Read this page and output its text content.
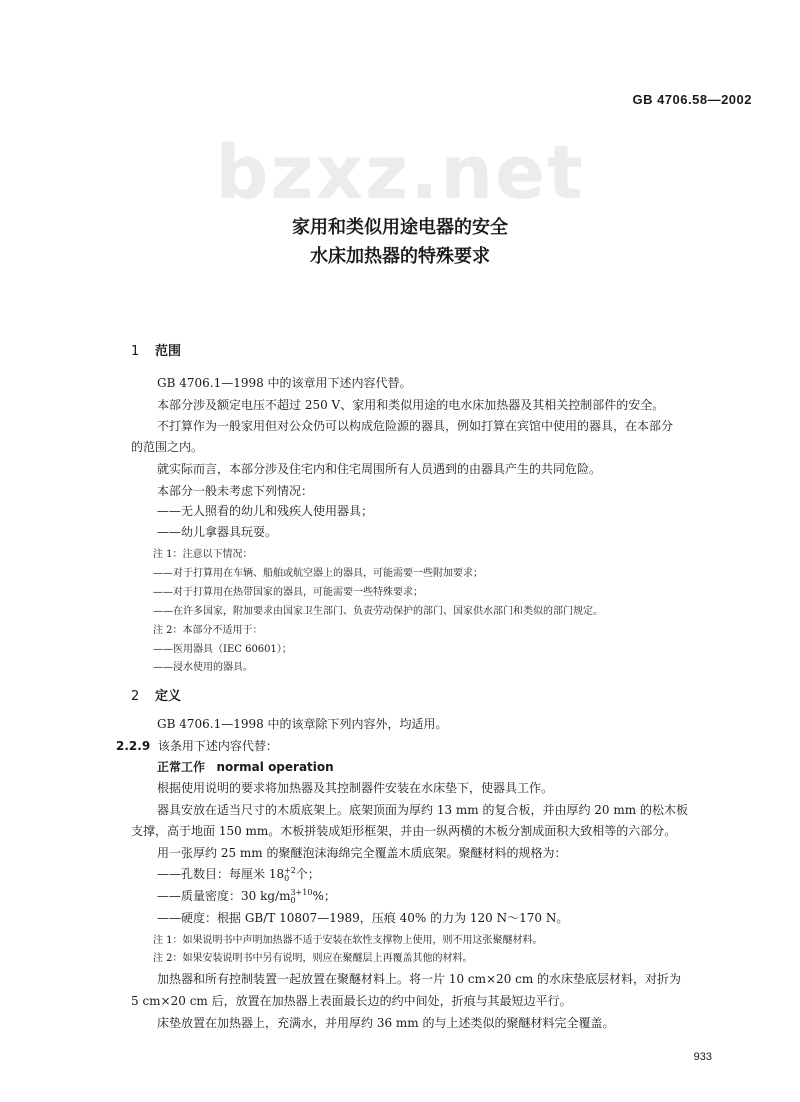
GB 4706.58—2002
bzxz.net
家用和类似用途电器的安全
水床加热器的特殊要求
1 范围
GB 4706.1—1998 中的该章用下述内容代替。
本部分涉及额定电压不超过 250 V、家用和类似用途的电水床加热器及其相关控制部件的安全。
不打算作为一般家用但对公众仍可以构成危险源的器具，例如打算在宾馆中使用的器具，在本部分
的范围之内。
就实际而言，本部分涉及住宅内和住宅周围所有人员遇到的由器具产生的共同危险。
本部分一般未考虑下列情况：
——无人照看的幼儿和残疾人使用器具；
——幼儿拿器具玩耍。
注 1：注意以下情况：
——对于打算用在车辆、船舶或航空器上的器具，可能需要一些附加要求；
——对于打算用在热带国家的器具，可能需要一些特殊要求；
——在许多国家，附加要求由国家卫生部门、负责劳动保护的部门、国家供水部门和类似的部门规定。
注 2：本部分不适用于：
——医用器具（IEC 60601）；
——浸水使用的器具。
2 定义
GB 4706.1—1998 中的该章除下列内容外，均适用。
2.2.9 该条用下述内容代替：
正常工作 normal operation
根据使用说明的要求将加热器及其控制器件安装在水床垫下，使器具工作。
器具安放在适当尺寸的木质底架上。底架顶面为厚约 13 mm 的复合板，并由厚约 20 mm 的松木板
支撑，高于地面 150 mm。木板拼装成矩形框架，并由一纵两横的木板分割成面积大致相等的六部分。
用一张厚约 25 mm 的聚醚泡沫海绵完全覆盖木质底架。聚醚材料的规格为：
——孔数目：每厘米 18+2
0 个；
——质量密度：30 kg/m3+10
0 %；
——硬度：根据 GB/T 10807—1989，压痕 40% 的力为 120 N～170 N。
注 1：如果说明书中声明加热器不适于安装在软性支撑物上使用，则不用这张聚醚材料。
注 2：如果安装说明书中另有说明，则应在聚醚层上再覆盖其他的材料。
加热器和所有控制装置一起放置在聚醚材料上。将一片 10 cm×20 cm 的水床垫底层材料，对折为
5 cm×20 cm 后，放置在加热器上表面最长边的约中间处，折痕与其最短边平行。
床垫放置在加热器上，充满水，并用厚约 36 mm 的与上述类似的聚醚材料完全覆盖。
933
